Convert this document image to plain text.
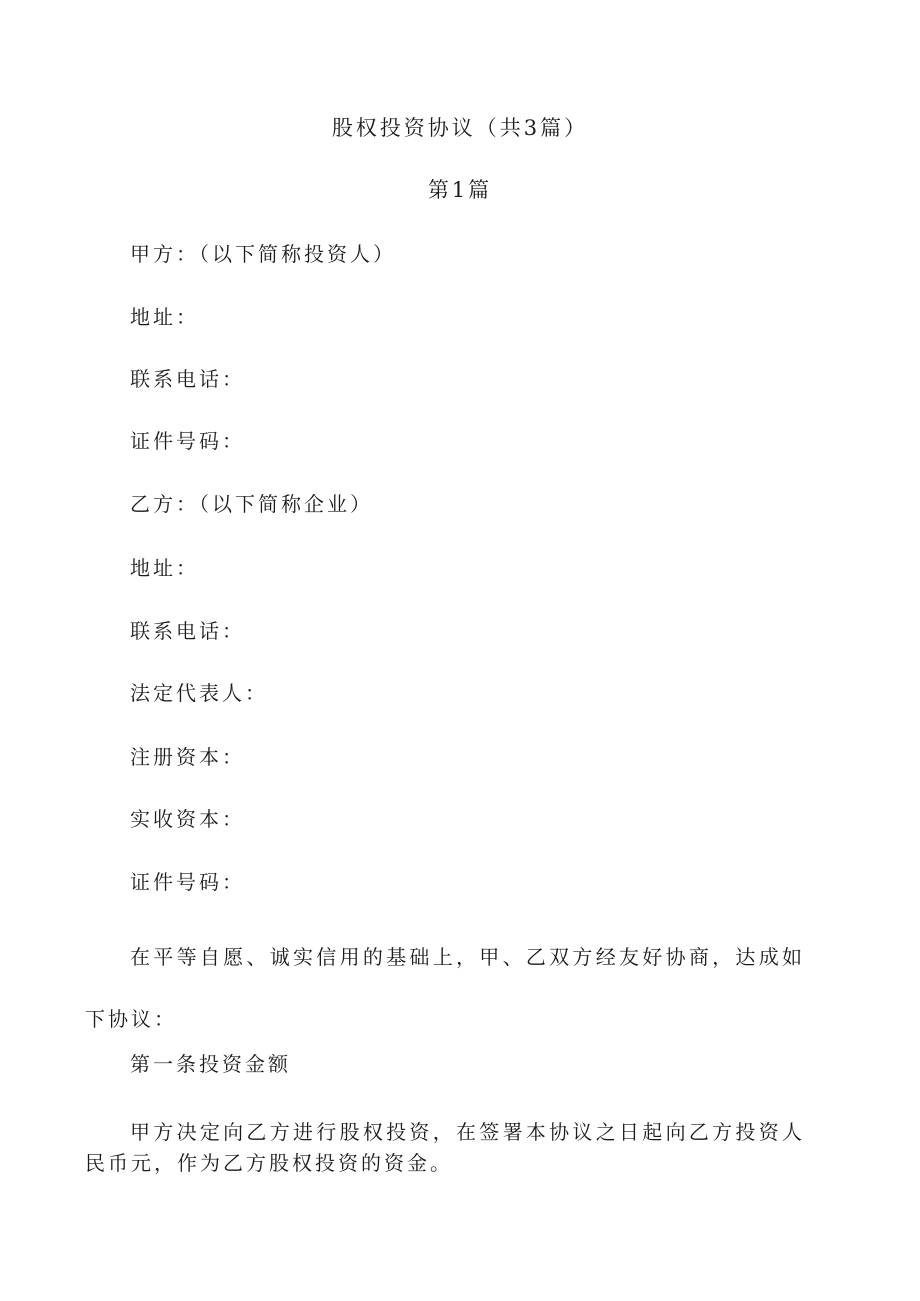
股权投资协议（共3篇）
第1篇
甲方：（以下简称投资人）
地址：
联系电话：
证件号码：
乙方：（以下简称企业）
地址：
联系电话：
法定代表人：
注册资本：
实收资本：
证件号码：
在平等自愿、诚实信用的基础上，甲、乙双方经友好协商，达成如下协议：
第一条投资金额
甲方决定向乙方进行股权投资，在签署本协议之日起向乙方投资人民币元，作为乙方股权投资的资金。
